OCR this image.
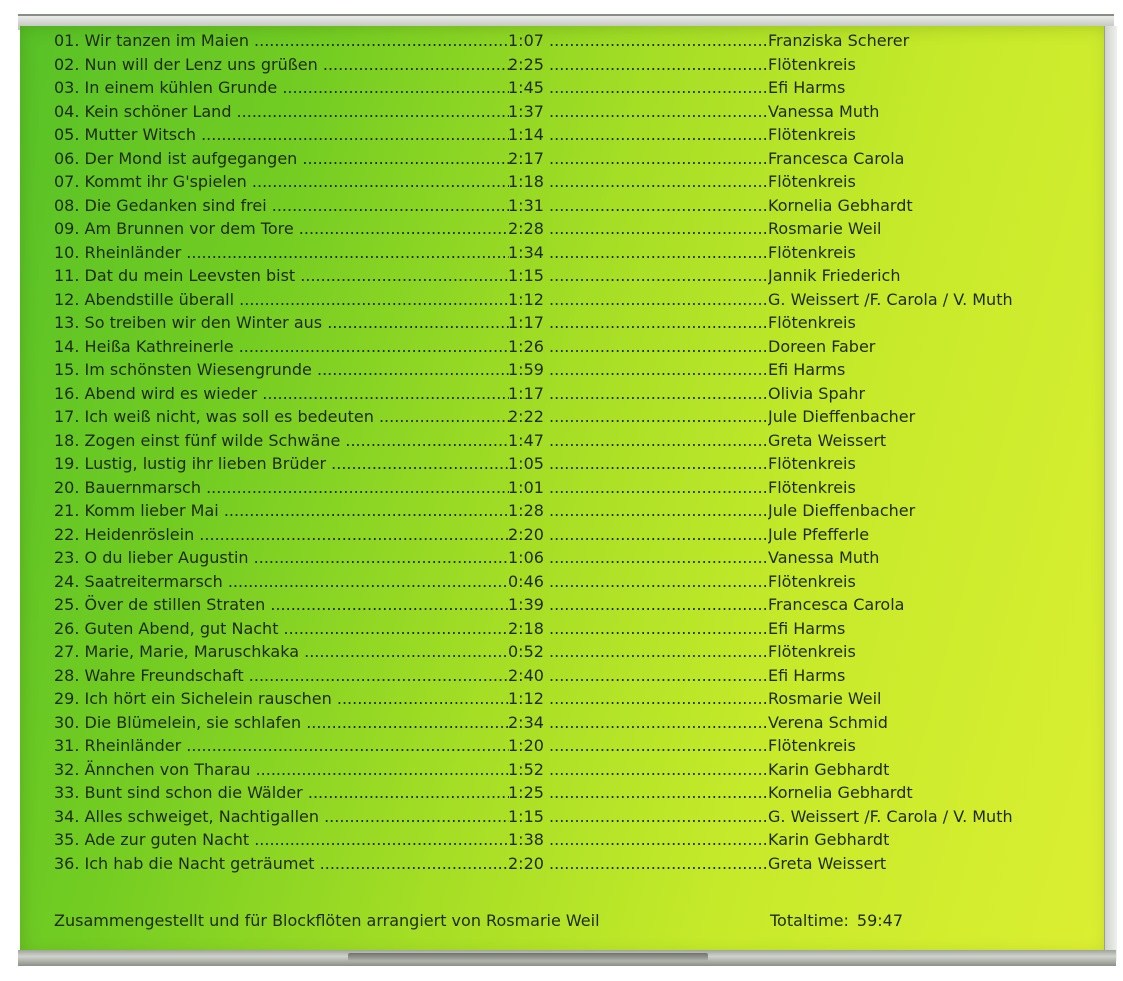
01. Wir tanzen im Maien .....	1:07 .....	Franziska Scherer
02. Nun will der Lenz uns grüßen .....	2:25 .....	Flötenkreis
03. In einem kühlen Grunde .....	1:45 .....	Efi Harms
04. Kein schöner Land .....	1:37 .....	Vanessa Muth
05. Mutter Witsch .....	1:14 .....	Flötenkreis
06. Der Mond ist aufgegangen .....	2:17 .....	Francesca Carola
07. Kommt ihr G'spielen .....	1:18 .....	Flötenkreis
08. Die Gedanken sind frei .....	1:31 .....	Kornelia Gebhardt
09. Am Brunnen vor dem Tore .....	2:28 .....	Rosmarie Weil
10. Rheinländer .....	1:34 .....	Flötenkreis
11. Dat du mein Leevsten bist .....	1:15 .....	Jannik Friederich
12. Abendstille überall .....	1:12 .....	G. Weissert /F. Carola / V. Muth
13. So treiben wir den Winter aus .....	1:17 .....	Flötenkreis
14. Heißa Kathreinerle .....	1:26 .....	Doreen Faber
15. Im schönsten Wiesengrunde .....	1:59 .....	Efi Harms
16. Abend wird es wieder .....	1:17 .....	Olivia Spahr
17. Ich weiß nicht, was soll es bedeuten .....	2:22 .....	Jule Dieffenbacher
18. Zogen einst fünf wilde Schwäne .....	1:47 .....	Greta Weissert
19. Lustig, lustig ihr lieben Brüder .....	1:05 .....	Flötenkreis
20. Bauernmarsch .....	1:01 .....	Flötenkreis
21. Komm lieber Mai .....	1:28 .....	Jule Dieffenbacher
22. Heidenröslein .....	2:20 .....	Jule Pfefferle
23. O du lieber Augustin .....	1:06 .....	Vanessa Muth
24. Saatreitermarsch .....	0:46 .....	Flötenkreis
25. Över de stillen Straten .....	1:39 .....	Francesca Carola
26. Guten Abend, gut Nacht .....	2:18 .....	Efi Harms
27. Marie, Marie, Maruschkaka .....	0:52 .....	Flötenkreis
28. Wahre Freundschaft .....	2:40 .....	Efi Harms
29. Ich hört ein Sichelein rauschen .....	1:12 .....	Rosmarie Weil
30. Die Blümelein, sie schlafen .....	2:34 .....	Verena Schmid
31. Rheinländer .....	1:20 .....	Flötenkreis
32. Ännchen von Tharau .....	1:52 .....	Karin Gebhardt
33. Bunt sind schon die Wälder .....	1:25 .....	Kornelia Gebhardt
34. Alles schweiget, Nachtigallen .....	1:15 .....	G. Weissert /F. Carola / V. Muth
35. Ade zur guten Nacht .....	1:38 .....	Karin Gebhardt
36. Ich hab die Nacht geträumet .....	2:20 .....	Greta Weissert
Zusammengestellt und für Blockflöten arrangiert von Rosmarie Weil	Totaltime: 59:47
